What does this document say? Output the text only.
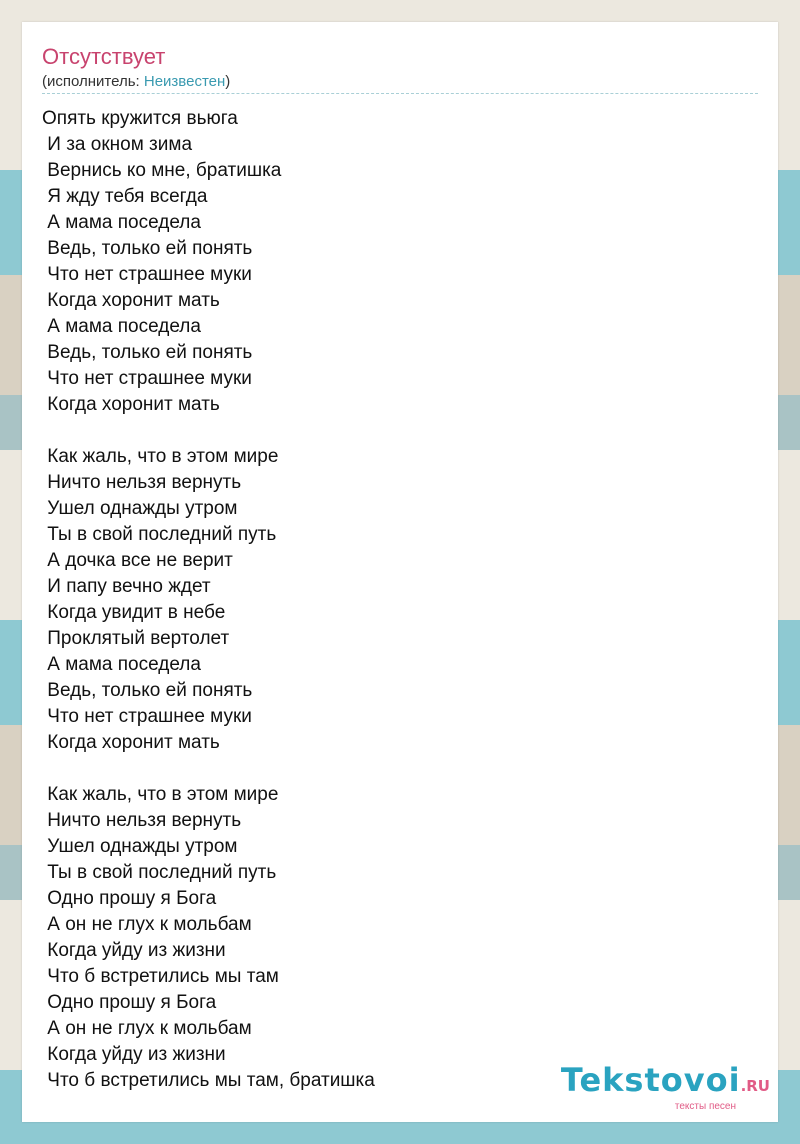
Отсутствует
(исполнитель: Неизвестен)
Опять кружится вьюга
И за окном зима
Вернись ко мне, братишка
Я жду тебя всегда
А мама поседела
Ведь, только ей понять
Что нет страшнее муки
Когда хоронит мать
А мама поседела
Ведь, только ей понять
Что нет страшнее муки
Когда хоронит мать
Как жаль, что в этом мире
Ничто нельзя вернуть
Ушел однажды утром
Ты в свой последний путь
А дочка все не верит
И папу вечно ждет
Когда увидит в небе
Проклятый вертолет
А мама поседела
Ведь, только ей понять
Что нет страшнее муки
Когда хоронит мать
Как жаль, что в этом мире
Ничто нельзя вернуть
Ушел однажды утром
Ты в свой последний путь
Одно прошу я Бога
А он не глух к мольбам
Когда уйду из жизни
Что б встретились мы там
Одно прошу я Бога
А он не глух к мольбам
Когда уйду из жизни
Что б встретились мы там, братишка	Tekstovoi.RU
тексты песен
